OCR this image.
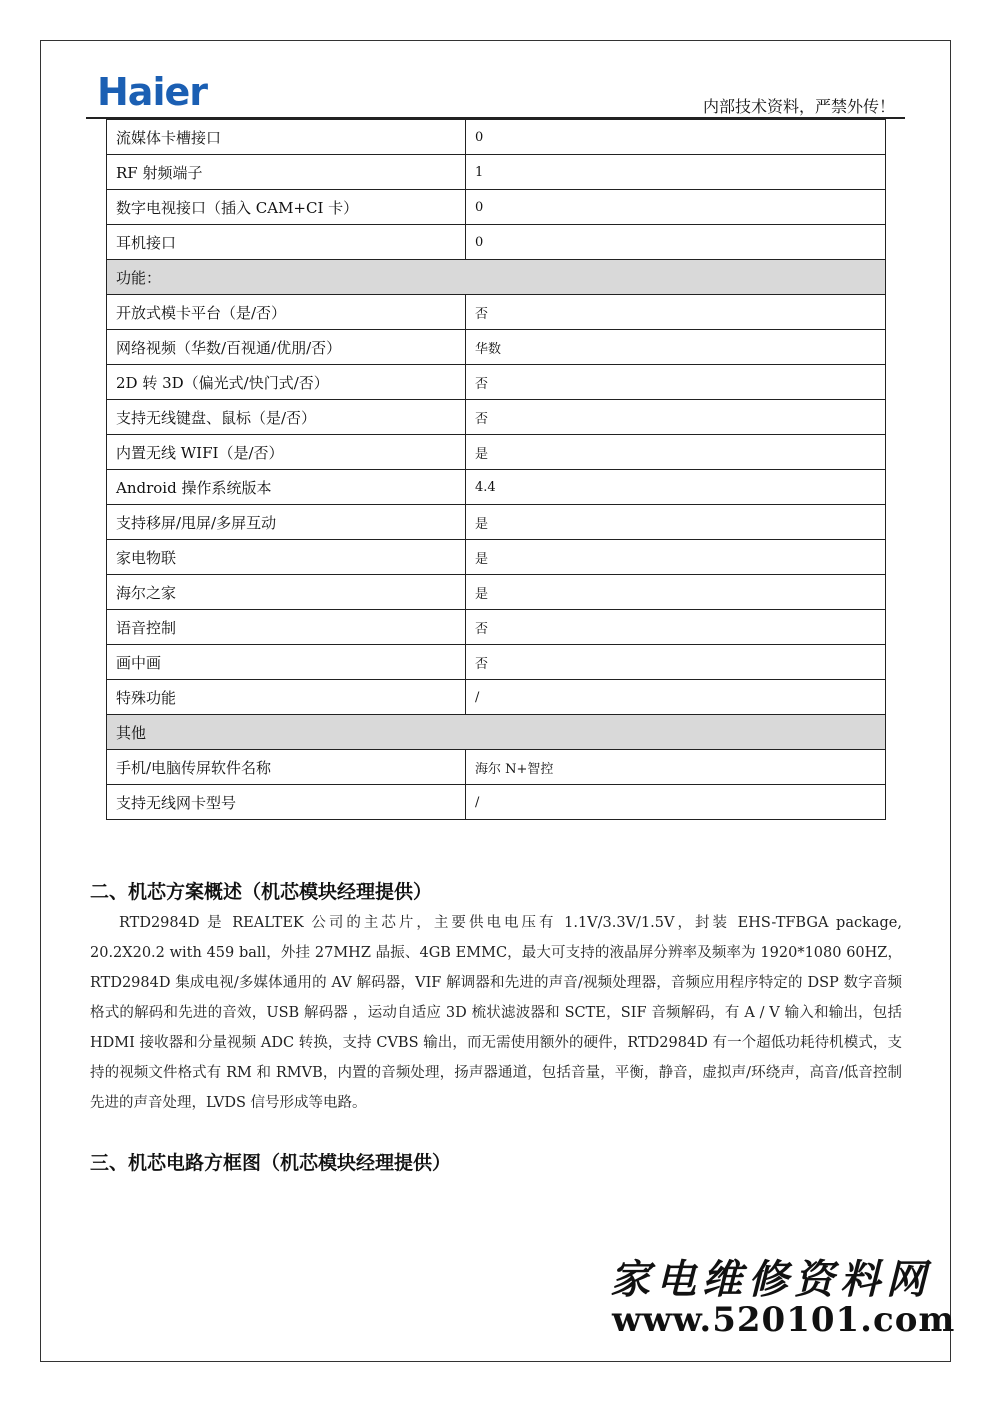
Haier	内部技术资料，严禁外传！
流媒体卡槽接口	0
RF 射频端子	1
数字电视接口（插入 CAM+CI 卡）	0
耳机接口	0
功能：	
开放式模卡平台（是/否）	否
网络视频（华数/百视通/优朋/否）	华数
2D 转 3D（偏光式/快门式/否）	否
支持无线键盘、鼠标（是/否）	否
内置无线 WIFI（是/否）	是
Android 操作系统版本	4.4
支持移屏/甩屏/多屏互动	是
家电物联	是
海尔之家	是
语音控制	否
画中画	否
特殊功能	/
其他	
手机/电脑传屏软件名称	海尔 N+智控
支持无线网卡型号	/
二、机芯方案概述（机芯模块经理提供）
RTD2984D 是 REALTEK 公司的主芯片，主要供电电压有 1.1V/3.3V/1.5V，封装 EHS-TFBGA package, 20.2X20.2 with 459 ball，外挂 27MHZ 晶振、4GB EMMC，最大可支持的液晶屏分辨率及频率为 1920*1080 60HZ，RTD2984D 集成电视/多媒体通用的 AV 解码器，VIF 解调器和先进的声音/视频处理器，音频应用程序特定的 DSP 数字音频格式的解码和先进的音效，USB 解码器 ，运动自适应 3D 梳状滤波器和 SCTE，SIF 音频解码，有 A / V 输入和输出，包括 HDMI 接收器和分量视频 ADC 转换，支持 CVBS 输出，而无需使用额外的硬件，RTD2984D 有一个超低功耗待机模式，支持的视频文件格式有 RM 和 RMVB，内置的音频处理，扬声器通道，包括音量，平衡，静音，虚拟声/环绕声，高音/低音控制先进的声音处理，LVDS 信号形成等电路。
三、机芯电路方框图（机芯模块经理提供）
家电维修资料网
www.520101.com
